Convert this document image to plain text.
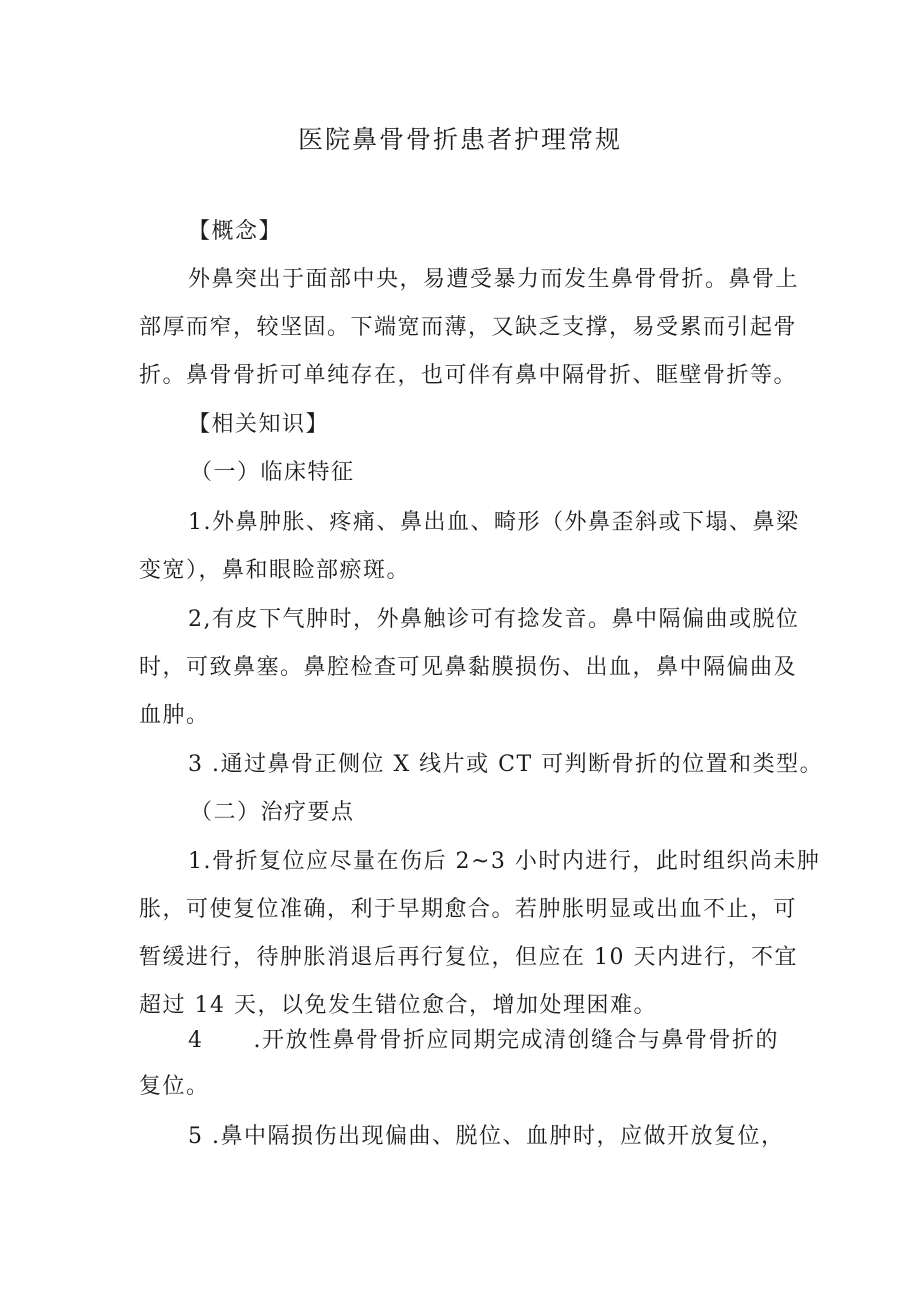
医院鼻骨骨折患者护理常规
【概念】
外鼻突出于面部中央，易遭受暴力而发生鼻骨骨折。鼻骨上
部厚而窄，较坚固。下端宽而薄，又缺乏支撑，易受累而引起骨
折。鼻骨骨折可单纯存在，也可伴有鼻中隔骨折、眶壁骨折等。
【相关知识】
（一）临床特征
1.外鼻肿胀、疼痛、鼻出血、畸形（外鼻歪斜或下塌、鼻梁
变宽），鼻和眼睑部瘀斑。
2,有皮下气肿时，外鼻触诊可有捻发音。鼻中隔偏曲或脱位
时，可致鼻塞。鼻腔检查可见鼻黏膜损伤、出血，鼻中隔偏曲及
血肿。
3 .通过鼻骨正侧位 X 线片或 CT 可判断骨折的位置和类型。
（二）治疗要点
1.骨折复位应尽量在伤后 2~3 小时内进行，此时组织尚未肿
胀，可使复位准确，利于早期愈合。若肿胀明显或出血不止，可
暂缓进行，待肿胀消退后再行复位，但应在 10 天内进行，不宜
超过 14 天，以免发生错位愈合，增加处理困难。
4 .开放性鼻骨骨折应同期完成清创缝合与鼻骨骨折的
复位。
5 .鼻中隔损伤出现偏曲、脱位、血肿时，应做开放复位，
